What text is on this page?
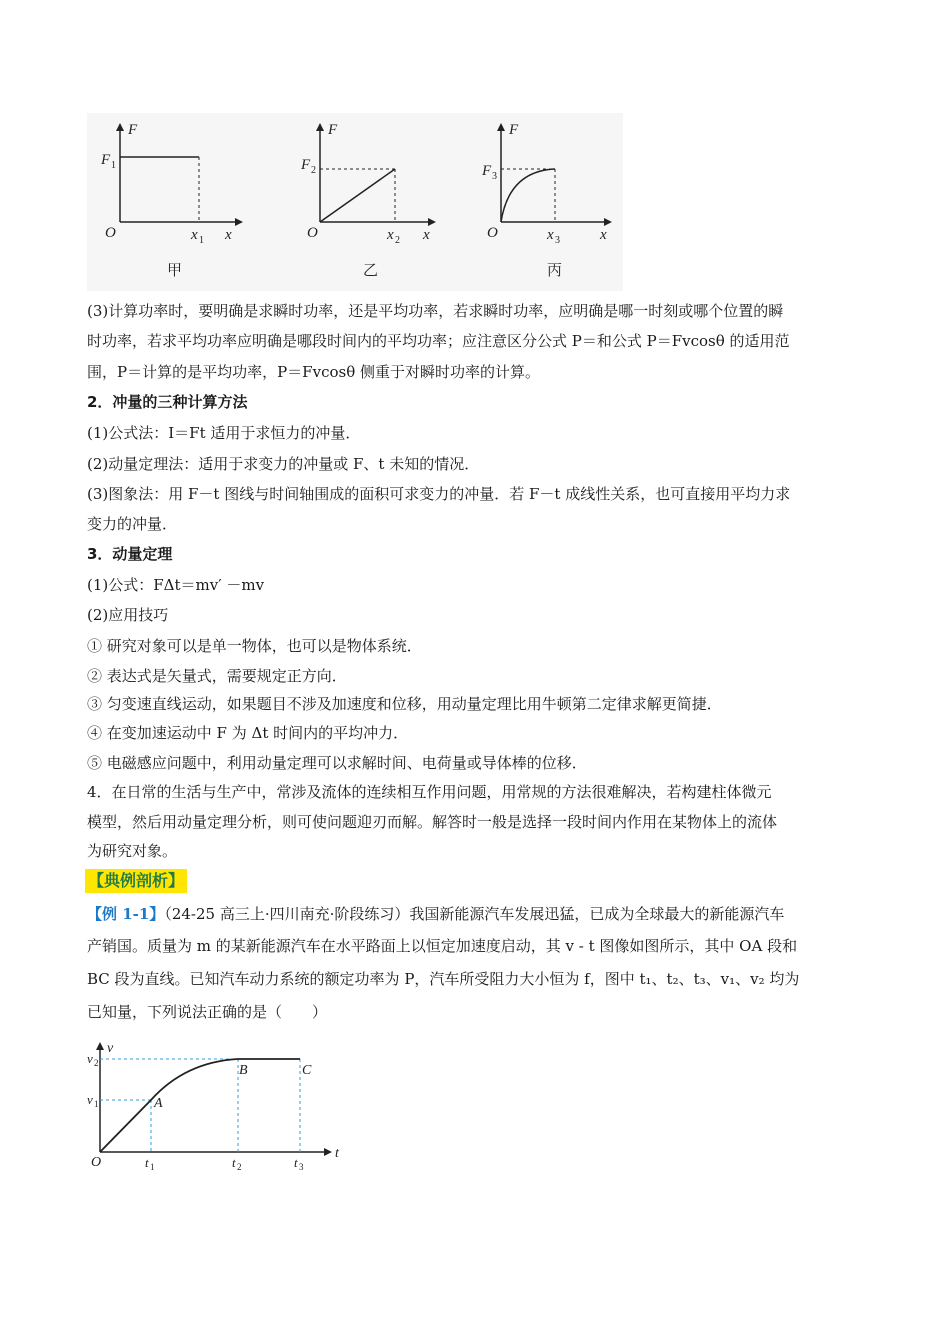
F
F 1
O	x 1 x
甲
F
F 2
O	x 2 x
乙
F
F 3
O	x 3	x
丙
(3)计算功率时，要明确是求瞬时功率，还是平均功率，若求瞬时功率，应明确是哪一时刻或哪个位置的瞬
时功率，若求平均功率应明确是哪段时间内的平均功率；应注意区分公式 P＝和公式 P＝Fvcosθ 的适用范
围，P＝计算的是平均功率，P＝Fvcosθ 侧重于对瞬时功率的计算。
2．冲量的三种计算方法
(1)公式法：I＝Ft 适用于求恒力的冲量．
(2)动量定理法：适用于求变力的冲量或 F、t 未知的情况．
(3)图象法：用 F－t 图线与时间轴围成的面积可求变力的冲量．若 F－t 成线性关系，也可直接用平均力求
变力的冲量．
3．动量定理
(1)公式：FΔt＝mv′ －mv
(2)应用技巧
① 研究对象可以是单一物体，也可以是物体系统．
② 表达式是矢量式，需要规定正方向．
③ 匀变速直线运动，如果题目不涉及加速度和位移，用动量定理比用牛顿第二定律求解更简捷．
④ 在变加速运动中 F 为 Δt 时间内的平均冲力．
⑤ 电磁感应问题中，利用动量定理可以求解时间、电荷量或导体棒的位移．
4．在日常的生活与生产中，常涉及流体的连续相互作用问题，用常规的方法很难解决，若构建柱体微元
模型，然后用动量定理分析，则可使问题迎刃而解。解答时一般是选择一段时间内作用在某物体上的流体
为研究对象。
【典例剖析】
【例 1-1】（24-25 高三上·四川南充·阶段练习）我国新能源汽车发展迅猛，已成为全球最大的新能源汽车
产销国。质量为 m 的某新能源汽车在水平路面上以恒定加速度启动，其 v - t 图像如图所示，其中 OA 段和
BC 段为直线。已知汽车动力系统的额定功率为 P，汽车所受阻力大小恒为 f，图中 t₁、t₂、t₃、v₁、v₂ 均为
已知量，下列说法正确的是（　　）
v
t
O
v 2
v 1
t 1	t 2	t 3
A
B	C
